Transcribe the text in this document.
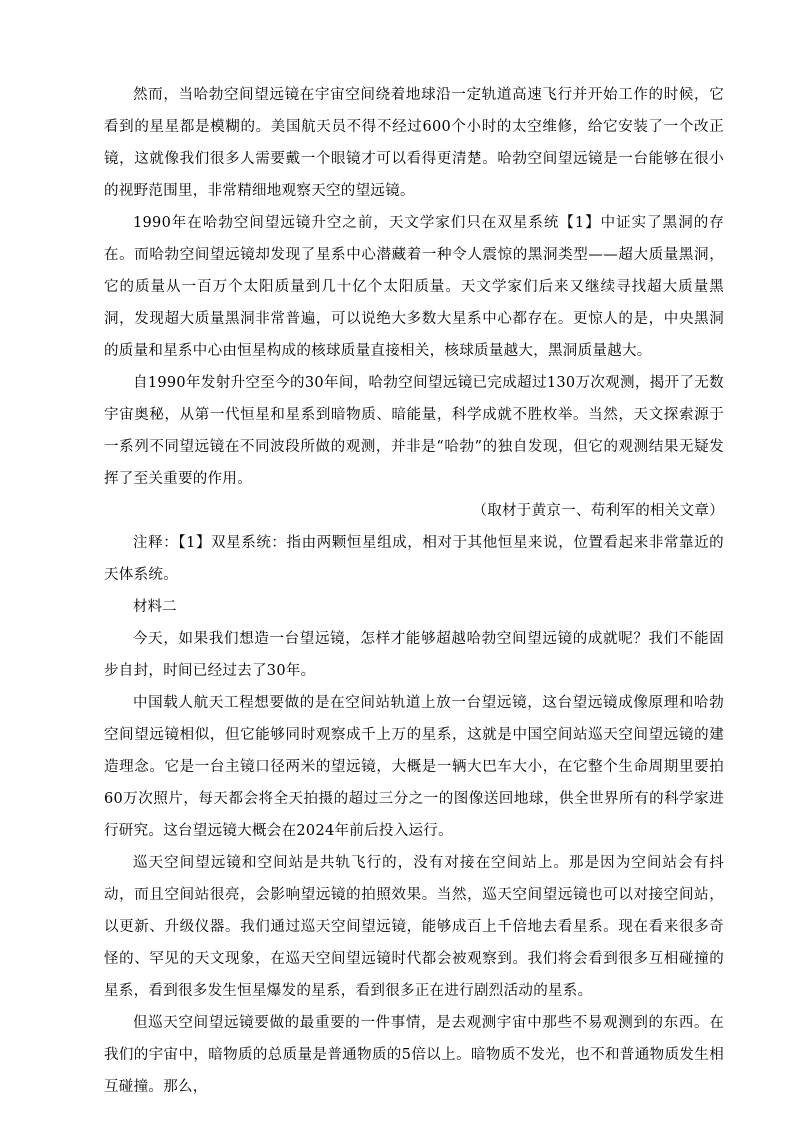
然而，当哈勃空间望远镜在宇宙空间绕着地球沿一定轨道高速飞行并开始工作的时候，它看到的星星都是模糊的。美国航天员不得不经过600个小时的太空维修，给它安装了一个改正镜，这就像我们很多人需要戴一个眼镜才可以看得更清楚。哈勃空间望远镜是一台能够在很小的视野范围里，非常精细地观察天空的望远镜。

1990年在哈勃空间望远镜升空之前，天文学家们只在双星系统【1】中证实了黑洞的存在。而哈勃空间望远镜却发现了星系中心潜藏着一种令人震惊的黑洞类型——超大质量黑洞，它的质量从一百万个太阳质量到几十亿个太阳质量。天文学家们后来又继续寻找超大质量黑洞，发现超大质量黑洞非常普遍，可以说绝大多数大星系中心都存在。更惊人的是，中央黑洞的质量和星系中心由恒星构成的核球质量直接相关，核球质量越大，黑洞质量越大。

自1990年发射升空至今的30年间，哈勃空间望远镜已完成超过130万次观测，揭开了无数宇宙奥秘，从第一代恒星和星系到暗物质、暗能量，科学成就不胜枚举。当然，天文探索源于一系列不同望远镜在不同波段所做的观测，并非是“哈勃”的独自发现，但它的观测结果无疑发挥了至关重要的作用。

（取材于黄京一、苟利军的相关文章）

注释：【1】双星系统：指由两颗恒星组成，相对于其他恒星来说，位置看起来非常靠近的天体系统。

材料二

今天，如果我们想造一台望远镜，怎样才能够超越哈勃空间望远镜的成就呢？我们不能固步自封，时间已经过去了30年。

中国载人航天工程想要做的是在空间站轨道上放一台望远镜，这台望远镜成像原理和哈勃空间望远镜相似，但它能够同时观察成千上万的星系，这就是中国空间站巡天空间望远镜的建造理念。它是一台主镜口径两米的望远镜，大概是一辆大巴车大小，在它整个生命周期里要拍60万次照片，每天都会将全天拍摄的超过三分之一的图像送回地球，供全世界所有的科学家进行研究。这台望远镜大概会在2024年前后投入运行。

巡天空间望远镜和空间站是共轨飞行的，没有对接在空间站上。那是因为空间站会有抖动，而且空间站很亮，会影响望远镜的拍照效果。当然，巡天空间望远镜也可以对接空间站，以更新、升级仪器。我们通过巡天空间望远镜，能够成百上千倍地去看星系。现在看来很多奇怪的、罕见的天文现象，在巡天空间望远镜时代都会被观察到。我们将会看到很多互相碰撞的星系，看到很多发生恒星爆发的星系，看到很多正在进行剧烈活动的星系。

但巡天空间望远镜要做的最重要的一件事情，是去观测宇宙中那些不易观测到的东西。在我们的宇宙中，暗物质的总质量是普通物质的5倍以上。暗物质不发光，也不和普通物质发生相互碰撞。那么，
